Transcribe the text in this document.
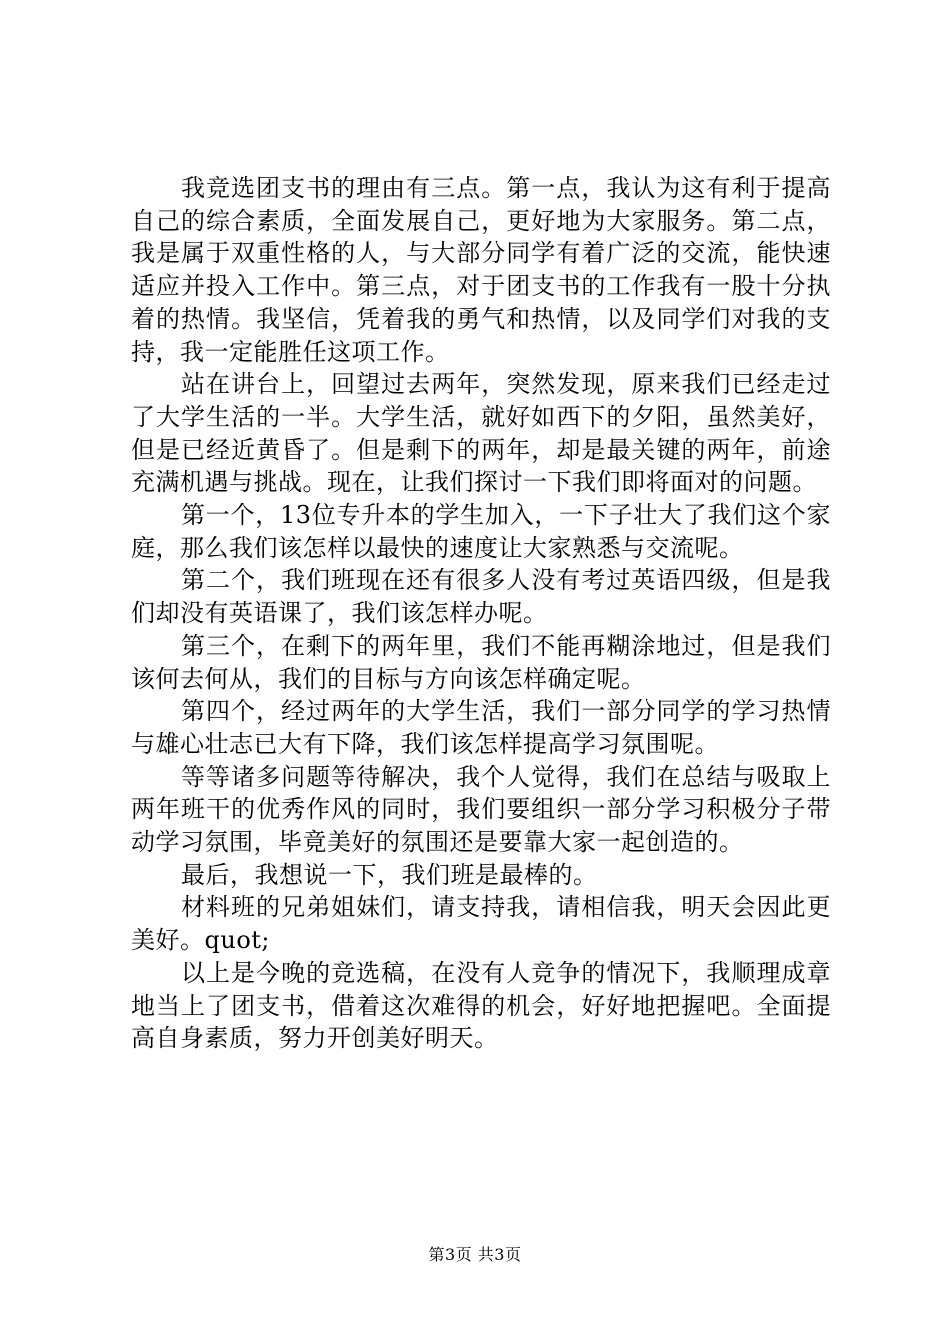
我竞选团支书的理由有三点。第一点，我认为这有利于提高自己的综合素质，全面发展自己，更好地为大家服务。第二点，我是属于双重性格的人，与大部分同学有着广泛的交流，能快速适应并投入工作中。第三点，对于团支书的工作我有一股十分执着的热情。我坚信，凭着我的勇气和热情，以及同学们对我的支持，我一定能胜任这项工作。

站在讲台上，回望过去两年，突然发现，原来我们已经走过了大学生活的一半。大学生活，就好如西下的夕阳，虽然美好，但是已经近黄昏了。但是剩下的两年，却是最关键的两年，前途充满机遇与挑战。现在，让我们探讨一下我们即将面对的问题。

第一个，13位专升本的学生加入，一下子壮大了我们这个家庭，那么我们该怎样以最快的速度让大家熟悉与交流呢。

第二个，我们班现在还有很多人没有考过英语四级，但是我们却没有英语课了，我们该怎样办呢。

第三个，在剩下的两年里，我们不能再糊涂地过，但是我们该何去何从，我们的目标与方向该怎样确定呢。

第四个，经过两年的大学生活，我们一部分同学的学习热情与雄心壮志已大有下降，我们该怎样提高学习氛围呢。

等等诸多问题等待解决，我个人觉得，我们在总结与吸取上两年班干的优秀作风的同时，我们要组织一部分学习积极分子带动学习氛围，毕竟美好的氛围还是要靠大家一起创造的。

最后，我想说一下，我们班是最棒的。

材料班的兄弟姐妹们，请支持我，请相信我，明天会因此更美好。quot;

以上是今晚的竞选稿，在没有人竞争的情况下，我顺理成章地当上了团支书，借着这次难得的机会，好好地把握吧。全面提高自身素质，努力开创美好明天。

第3页 共3页
